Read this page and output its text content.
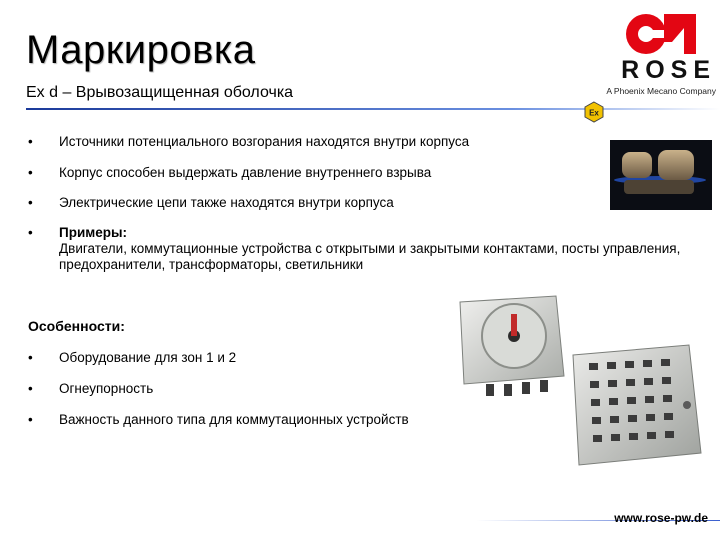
Маркировка
Ex d – Врывозащищенная оболочка
ROSE
A Phoenix Mecano Company
Ex
• Источники потенциального возгорания находятся внутри корпуса
• Корпус способен выдержать давление внутреннего взрыва
• Электрические цепи также находятся внутри корпуса
• Примеры:
Двигатели, коммутационные устройства с открытыми и закрытыми контактами, посты управления, предохранители, трансформаторы, светильники
Особенности:
• Оборудование для зон 1 и 2
• Огнеупорность
• Важность данного типа для коммутационных устройств
www.rose-pw.de
